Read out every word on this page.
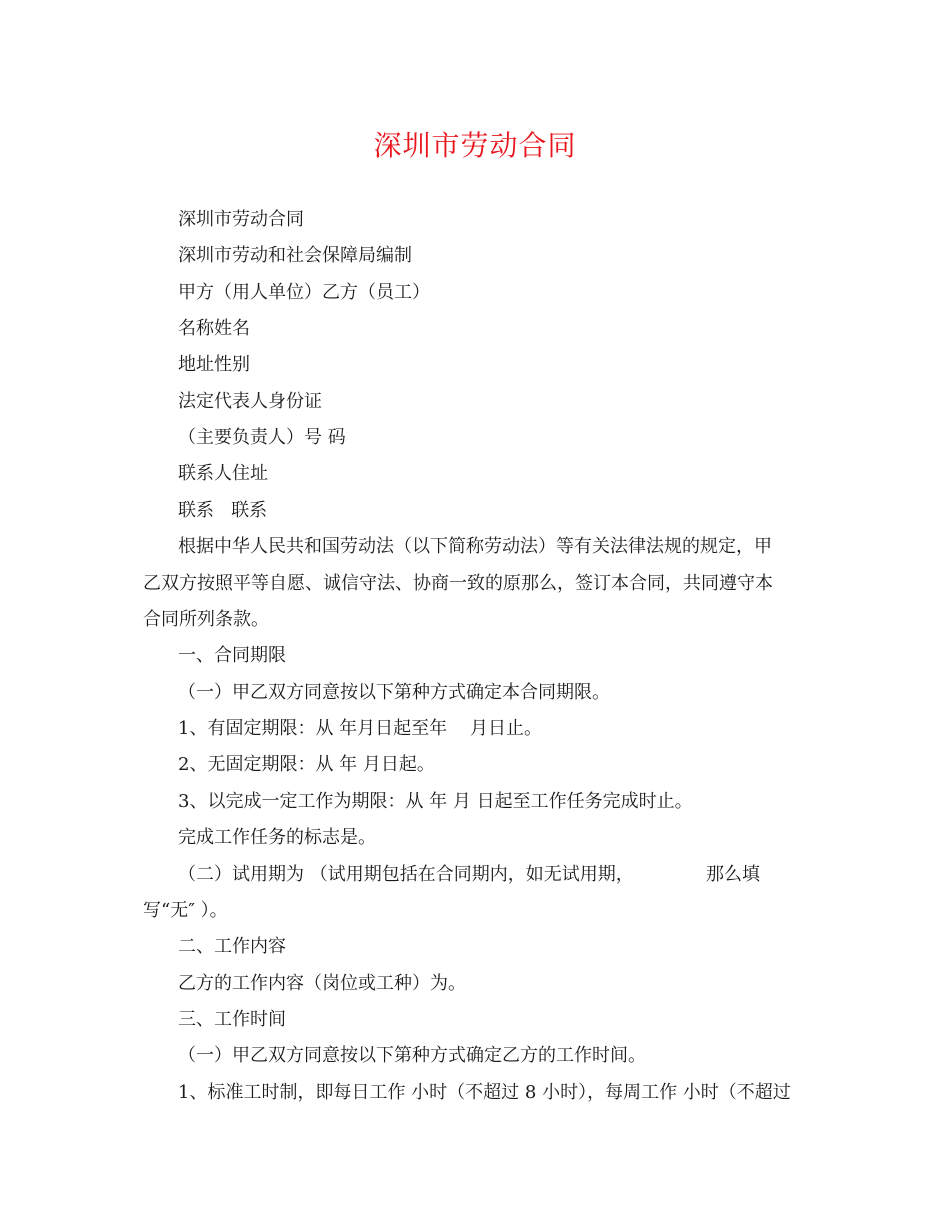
深圳市劳动合同
深圳市劳动合同
深圳市劳动和社会保障局编制
甲方（用人单位）乙方（员工）
名称姓名
地址性别
法定代表人身份证
（主要负责人）号 码
联系人住址
联系   联系
根据中华人民共和国劳动法（以下简称劳动法）等有关法律法规的规定，甲
乙双方按照平等自愿、诚信守法、协商一致的原那么，签订本合同，共同遵守本
合同所列条款。
一、合同期限
（一）甲乙双方同意按以下第种方式确定本合同期限。
1、有固定期限：从 年月日起至年    月日止。
2、无固定期限：从 年 月日起。
3、以完成一定工作为期限：从 年 月 日起至工作任务完成时止。
完成工作任务的标志是。
（二）试用期为 （试用期包括在合同期内，如无试用期，	那么填
写“无″ ）。
二、工作内容
乙方的工作内容（岗位或工种）为。
三、工作时间
（一）甲乙双方同意按以下第种方式确定乙方的工作时间。
1、标准工时制，即每日工作 小时（不超过 8 小时），每周工作 小时（不超过
